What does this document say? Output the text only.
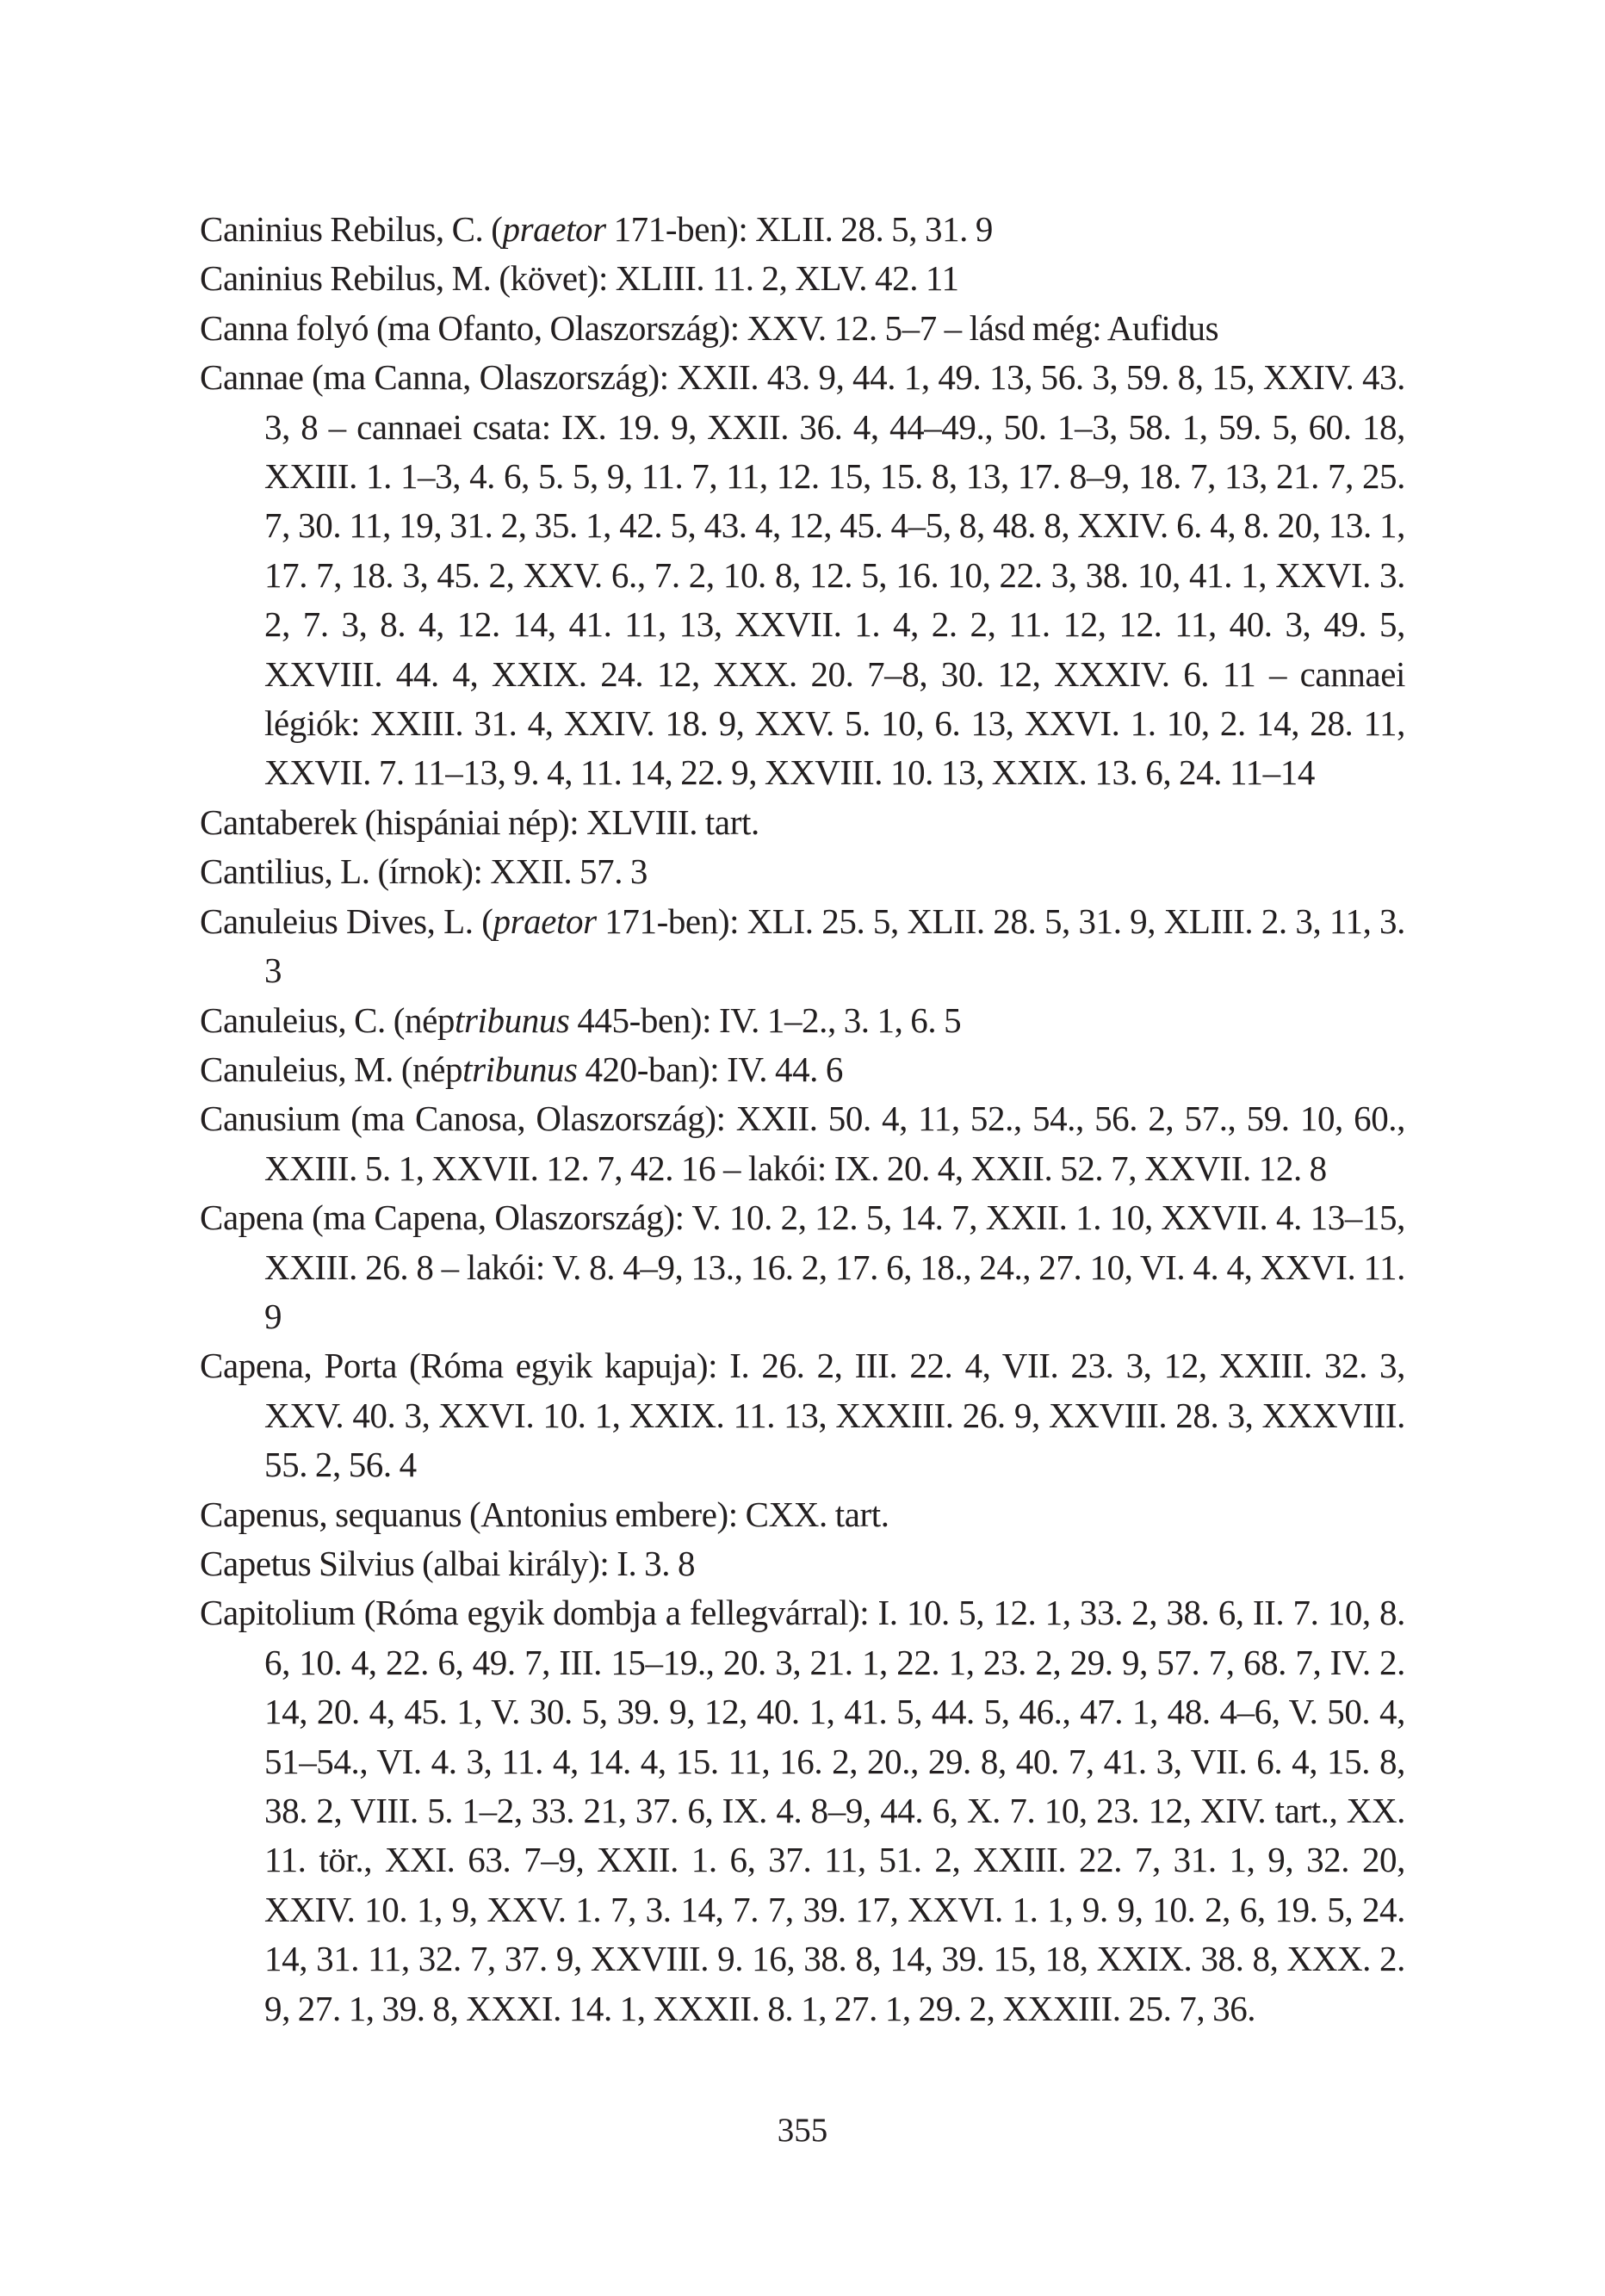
Caninius Rebilus, C. (praetor 171-ben): XLII. 28. 5, 31. 9
Caninius Rebilus, M. (követ): XLIII. 11. 2, XLV. 42. 11
Canna folyó (ma Ofanto, Olaszország): XXV. 12. 5–7 – lásd még: Aufidus
Cannae (ma Canna, Olaszország): XXII. 43. 9, 44. 1, 49. 13, 56. 3, 59. 8, 15, XXIV. 43. 3, 8 – cannaei csata: IX. 19. 9, XXII. 36. 4, 44–49., 50. 1–3, 58. 1, 59. 5, 60. 18, XXIII. 1. 1–3, 4. 6, 5. 5, 9, 11. 7, 11, 12. 15, 15. 8, 13, 17. 8–9, 18. 7, 13, 21. 7, 25. 7, 30. 11, 19, 31. 2, 35. 1, 42. 5, 43. 4, 12, 45. 4–5, 8, 48. 8, XXIV. 6. 4, 8. 20, 13. 1, 17. 7, 18. 3, 45. 2, XXV. 6., 7. 2, 10. 8, 12. 5, 16. 10, 22. 3, 38. 10, 41. 1, XXVI. 3. 2, 7. 3, 8. 4, 12. 14, 41. 11, 13, XXVII. 1. 4, 2. 2, 11. 12, 12. 11, 40. 3, 49. 5, XXVIII. 44. 4, XXIX. 24. 12, XXX. 20. 7–8, 30. 12, XXXIV. 6. 11 – cannaei légiók: XXIII. 31. 4, XXIV. 18. 9, XXV. 5. 10, 6. 13, XXVI. 1. 10, 2. 14, 28. 11, XXVII. 7. 11–13, 9. 4, 11. 14, 22. 9, XXVIII. 10. 13, XXIX. 13. 6, 24. 11–14
Cantaberek (hispániai nép): XLVIII. tart.
Cantilius, L. (írnok): XXII. 57. 3
Canuleius Dives, L. (praetor 171-ben): XLI. 25. 5, XLII. 28. 5, 31. 9, XLIII. 2. 3, 11, 3. 3
Canuleius, C. (néptribunus 445-ben): IV. 1–2., 3. 1, 6. 5
Canuleius, M. (néptribunus 420-ban): IV. 44. 6
Canusium (ma Canosa, Olaszország): XXII. 50. 4, 11, 52., 54., 56. 2, 57., 59. 10, 60., XXIII. 5. 1, XXVII. 12. 7, 42. 16 – lakói: IX. 20. 4, XXII. 52. 7, XXVII. 12. 8
Capena (ma Capena, Olaszország): V. 10. 2, 12. 5, 14. 7, XXII. 1. 10, XXVII. 4. 13–15, XXIII. 26. 8 – lakói: V. 8. 4–9, 13., 16. 2, 17. 6, 18., 24., 27. 10, VI. 4. 4, XXVI. 11. 9
Capena, Porta (Róma egyik kapuja): I. 26. 2, III. 22. 4, VII. 23. 3, 12, XXIII. 32. 3, XXV. 40. 3, XXVI. 10. 1, XXIX. 11. 13, XXXIII. 26. 9, XXVIII. 28. 3, XXXVIII. 55. 2, 56. 4
Capenus, sequanus (Antonius embere): CXX. tart.
Capetus Silvius (albai király): I. 3. 8
Capitolium (Róma egyik dombja a fellegvárral): I. 10. 5, 12. 1, 33. 2, 38. 6, II. 7. 10, 8. 6, 10. 4, 22. 6, 49. 7, III. 15–19., 20. 3, 21. 1, 22. 1, 23. 2, 29. 9, 57. 7, 68. 7, IV. 2. 14, 20. 4, 45. 1, V. 30. 5, 39. 9, 12, 40. 1, 41. 5, 44. 5, 46., 47. 1, 48. 4–6, V. 50. 4, 51–54., VI. 4. 3, 11. 4, 14. 4, 15. 11, 16. 2, 20., 29. 8, 40. 7, 41. 3, VII. 6. 4, 15. 8, 38. 2, VIII. 5. 1–2, 33. 21, 37. 6, IX. 4. 8–9, 44. 6, X. 7. 10, 23. 12, XIV. tart., XX. 11. tör., XXI. 63. 7–9, XXII. 1. 6, 37. 11, 51. 2, XXIII. 22. 7, 31. 1, 9, 32. 20, XXIV. 10. 1, 9, XXV. 1. 7, 3. 14, 7. 7, 39. 17, XXVI. 1. 1, 9. 9, 10. 2, 6, 19. 5, 24. 14, 31. 11, 32. 7, 37. 9, XXVIII. 9. 16, 38. 8, 14, 39. 15, 18, XXIX. 38. 8, XXX. 2. 9, 27. 1, 39. 8, XXXI. 14. 1, XXXII. 8. 1, 27. 1, 29. 2, XXXIII. 25. 7, 36.
355
